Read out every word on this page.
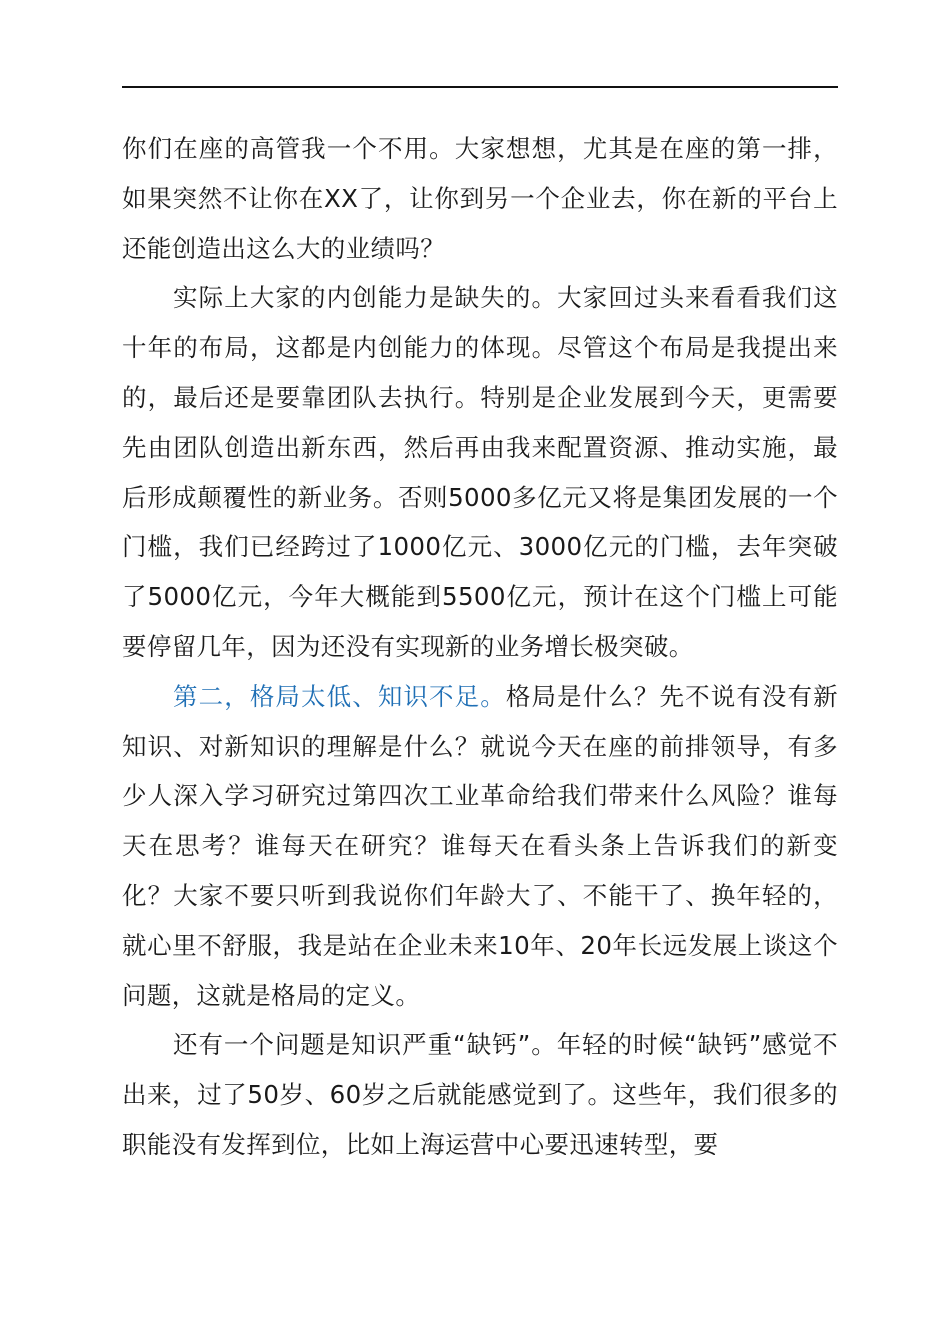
你们在座的高管我一个不用。大家想想，尤其是在座的第一排，如果突然不让你在XX了，让你到另一个企业去，你在新的平台上还能创造出这么大的业绩吗？

实际上大家的内创能力是缺失的。大家回过头来看看我们这十年的布局，这都是内创能力的体现。尽管这个布局是我提出来的，最后还是要靠团队去执行。特别是企业发展到今天，更需要先由团队创造出新东西，然后再由我来配置资源、推动实施，最后形成颠覆性的新业务。否则5000多亿元又将是集团发展的一个门槛，我们已经跨过了1000亿元、3000亿元的门槛，去年突破了5000亿元，今年大概能到5500亿元，预计在这个门槛上可能要停留几年，因为还没有实现新的业务增长极突破。

第二，格局太低、知识不足。格局是什么？先不说有没有新知识、对新知识的理解是什么？就说今天在座的前排领导，有多少人深入学习研究过第四次工业革命给我们带来什么风险？谁每天在思考？谁每天在研究？谁每天在看头条上告诉我们的新变化？大家不要只听到我说你们年龄大了、不能干了、换年轻的，就心里不舒服，我是站在企业未来10年、20年长远发展上谈这个问题，这就是格局的定义。

还有一个问题是知识严重“缺钙”。年轻的时候“缺钙”感觉不出来，过了50岁、60岁之后就能感觉到了。这些年，我们很多的职能没有发挥到位，比如上海运营中心要迅速转型，要
